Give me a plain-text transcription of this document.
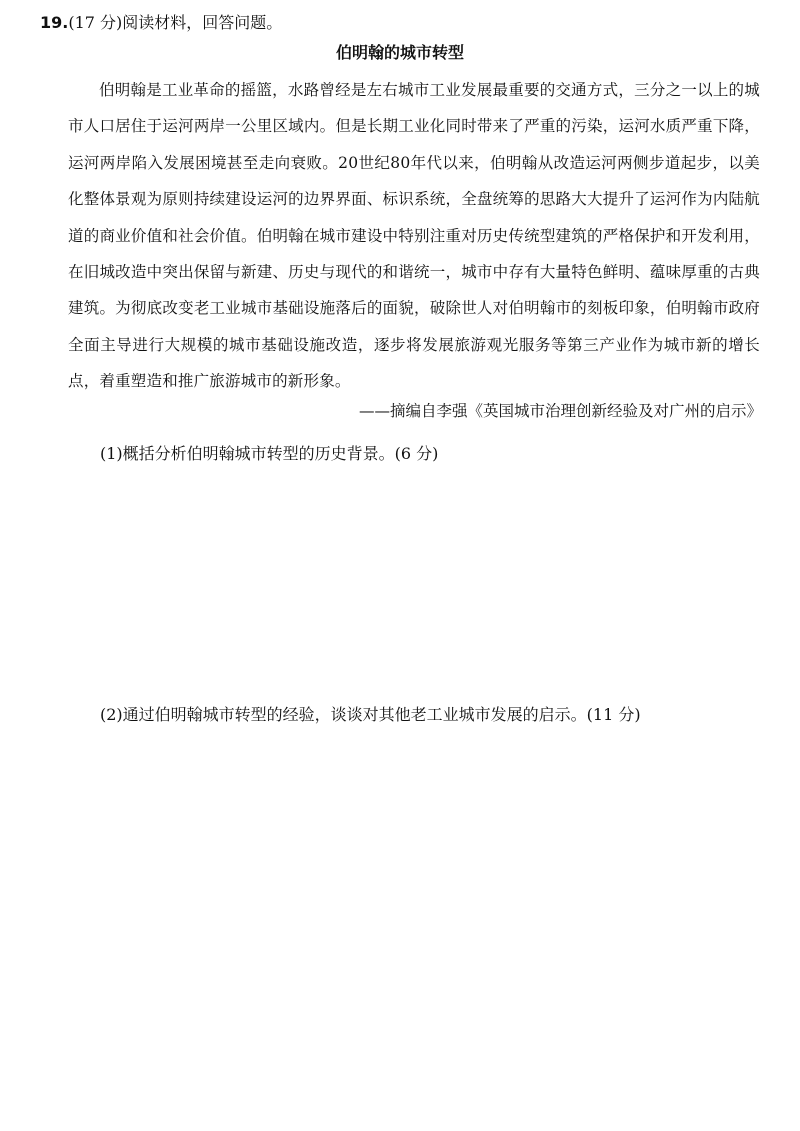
19.(17 分)阅读材料，回答问题。
伯明翰的城市转型

伯明翰是工业革命的摇篮，水路曾经是左右城市工业发展最重要的交通方式，三分之一以上的城市人口居住于运河两岸一公里区域内。但是长期工业化同时带来了严重的污染，运河水质严重下降，运河两岸陷入发展困境甚至走向衰败。20世纪80年代以来，伯明翰从改造运河两侧步道起步，以美化整体景观为原则持续建设运河的边界界面、标识系统，全盘统筹的思路大大提升了运河作为内陆航道的商业价值和社会价值。伯明翰在城市建设中特别注重对历史传统型建筑的严格保护和开发利用，在旧城改造中突出保留与新建、历史与现代的和谐统一，城市中存有大量特色鲜明、蕴味厚重的古典建筑。为彻底改变老工业城市基础设施落后的面貌，破除世人对伯明翰市的刻板印象，伯明翰市政府全面主导进行大规模的城市基础设施改造，逐步将发展旅游观光服务等第三产业作为城市新的增长点，着重塑造和推广旅游城市的新形象。

——摘编自李强《英国城市治理创新经验及对广州的启示》
(1)概括分析伯明翰城市转型的历史背景。(6 分)
(2)通过伯明翰城市转型的经验，谈谈对其他老工业城市发展的启示。(11 分)
